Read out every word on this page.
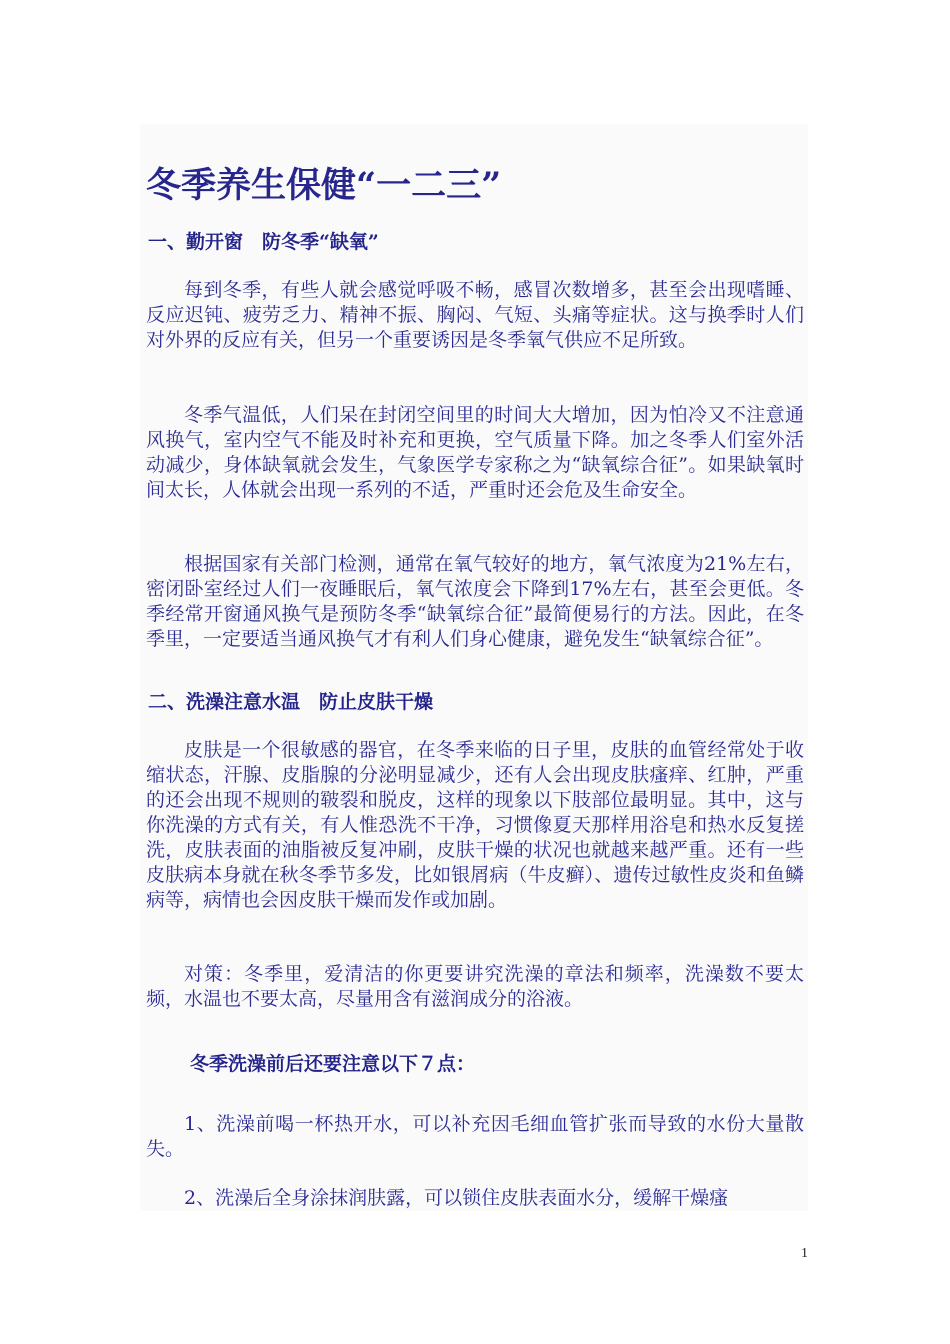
冬季养生保健“一二三”
一、勤开窗　防冬季“缺氧”

每到冬季，有些人就会感觉呼吸不畅，感冒次数增多，甚至会出现嗜睡、反应迟钝、疲劳乏力、精神不振、胸闷、气短、头痛等症状。这与换季时人们对外界的反应有关，但另一个重要诱因是冬季氧气供应不足所致。

冬季气温低，人们呆在封闭空间里的时间大大增加，因为怕冷又不注意通风换气，室内空气不能及时补充和更换，空气质量下降。加之冬季人们室外活动减少，身体缺氧就会发生，气象医学专家称之为“缺氧综合征”。如果缺氧时间太长，人体就会出现一系列的不适，严重时还会危及生命安全。

根据国家有关部门检测，通常在氧气较好的地方，氧气浓度为21%左右，密闭卧室经过人们一夜睡眠后，氧气浓度会下降到17%左右，甚至会更低。冬季经常开窗通风换气是预防冬季“缺氧综合征”最简便易行的方法。因此，在冬季里，一定要适当通风换气才有利人们身心健康，避免发生“缺氧综合征”。

二、洗澡注意水温　防止皮肤干燥

皮肤是一个很敏感的器官，在冬季来临的日子里，皮肤的血管经常处于收缩状态，汗腺、皮脂腺的分泌明显减少，还有人会出现皮肤瘙痒、红肿，严重的还会出现不规则的皲裂和脱皮，这样的现象以下肢部位最明显。其中，这与你洗澡的方式有关，有人惟恐洗不干净，习惯像夏天那样用浴皂和热水反复搓洗，皮肤表面的油脂被反复冲刷，皮肤干燥的状况也就越来越严重。还有一些皮肤病本身就在秋冬季节多发，比如银屑病（牛皮癣）、遗传过敏性皮炎和鱼鳞病等，病情也会因皮肤干燥而发作或加剧。

对策：冬季里，爱清洁的你更要讲究洗澡的章法和频率，洗澡数不要太频，水温也不要太高，尽量用含有滋润成分的浴液。

冬季洗澡前后还要注意以下７点：

1、洗澡前喝一杯热开水，可以补充因毛细血管扩张而导致的水份大量散失。

2、洗澡后全身涂抹润肤露，可以锁住皮肤表面水分，缓解干燥瘙

1
